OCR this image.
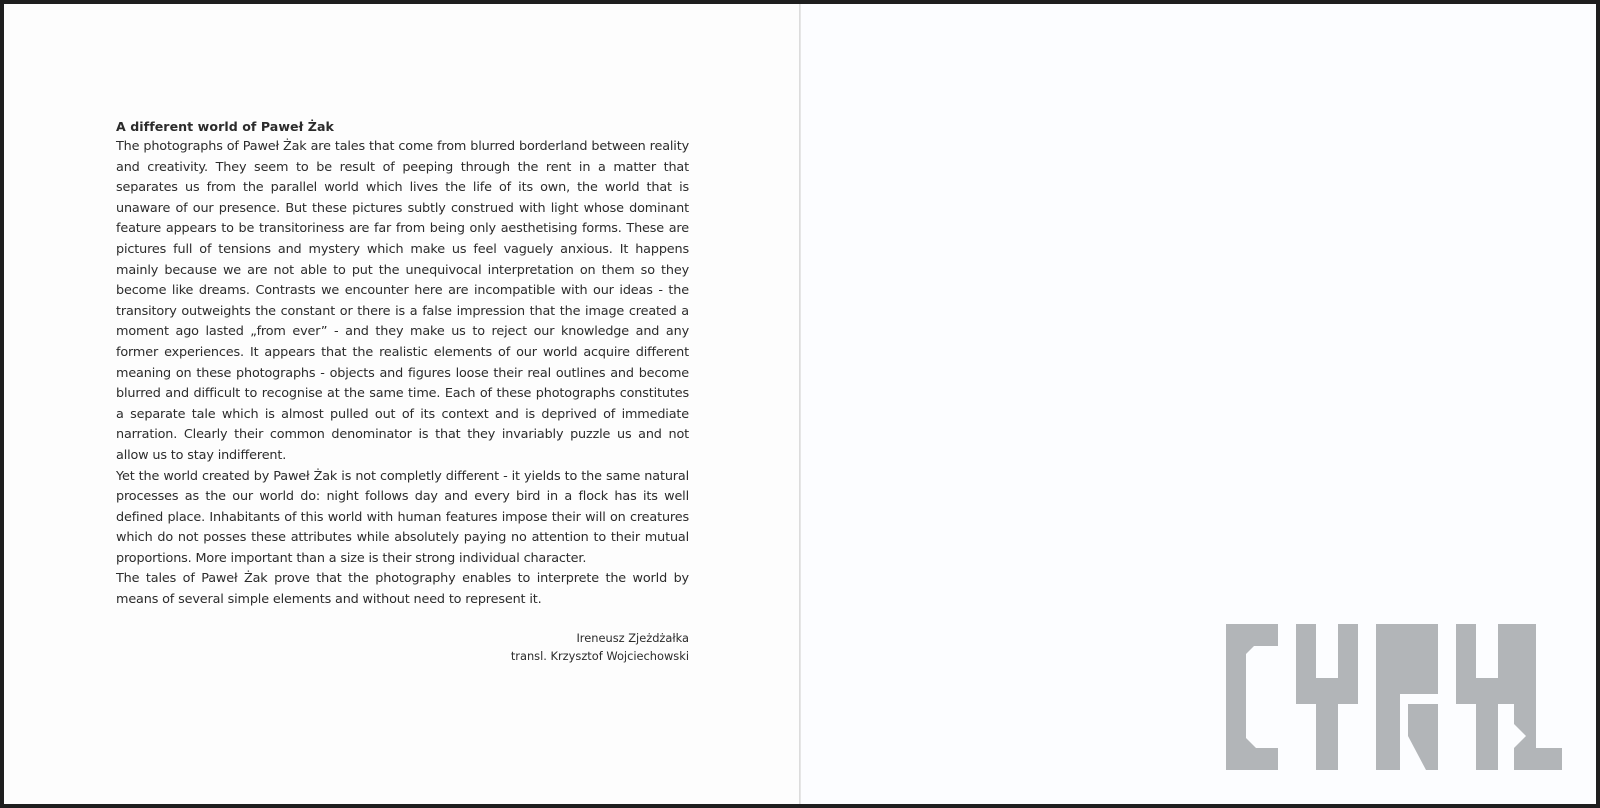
A different world of Paweł Żak

The photographs of Paweł Żak are tales that come from blurred borderland between reality and creativity. They seem to be result of peeping through the rent in a matter that separates us from the parallel world which lives the life of its own, the world that is unaware of our presence. But these pictures subtly construed with light whose dominant feature appears to be transitoriness are far from being only aesthetising forms. These are pictures full of tensions and mystery which make us feel vaguely anxious. It happens mainly because we are not able to put the unequivocal interpretation on them so they become like dreams. Contrasts we encounter here are incompatible with our ideas - the transitory outweights the constant or there is a false impression that the image created a moment ago lasted „from ever” - and they make us to reject our knowledge and any former experiences. It appears that the realistic elements of our world acquire different meaning on these photographs - objects and figures loose their real outlines and become blurred and difficult to recognise at the same time. Each of these photographs constitutes a separate tale which is almost pulled out of its context and is deprived of immediate narration. Clearly their common denominator is that they invariably puzzle us and not allow us to stay indifferent.

Yet the world created by Paweł Żak is not completly different - it yields to the same natural processes as the our world do: night follows day and every bird in a flock has its well defined place. Inhabitants of this world with human features impose their will on creatures which do not posses these attributes while absolutely paying no attention to their mutual proportions. More important than a size is their strong individual character.

The tales of Paweł Żak prove that the photography enables to interprete the world by means of several simple elements and without need to represent it.

Ireneusz Zjeżdżałka
transl. Krzysztof Wojciechowski
